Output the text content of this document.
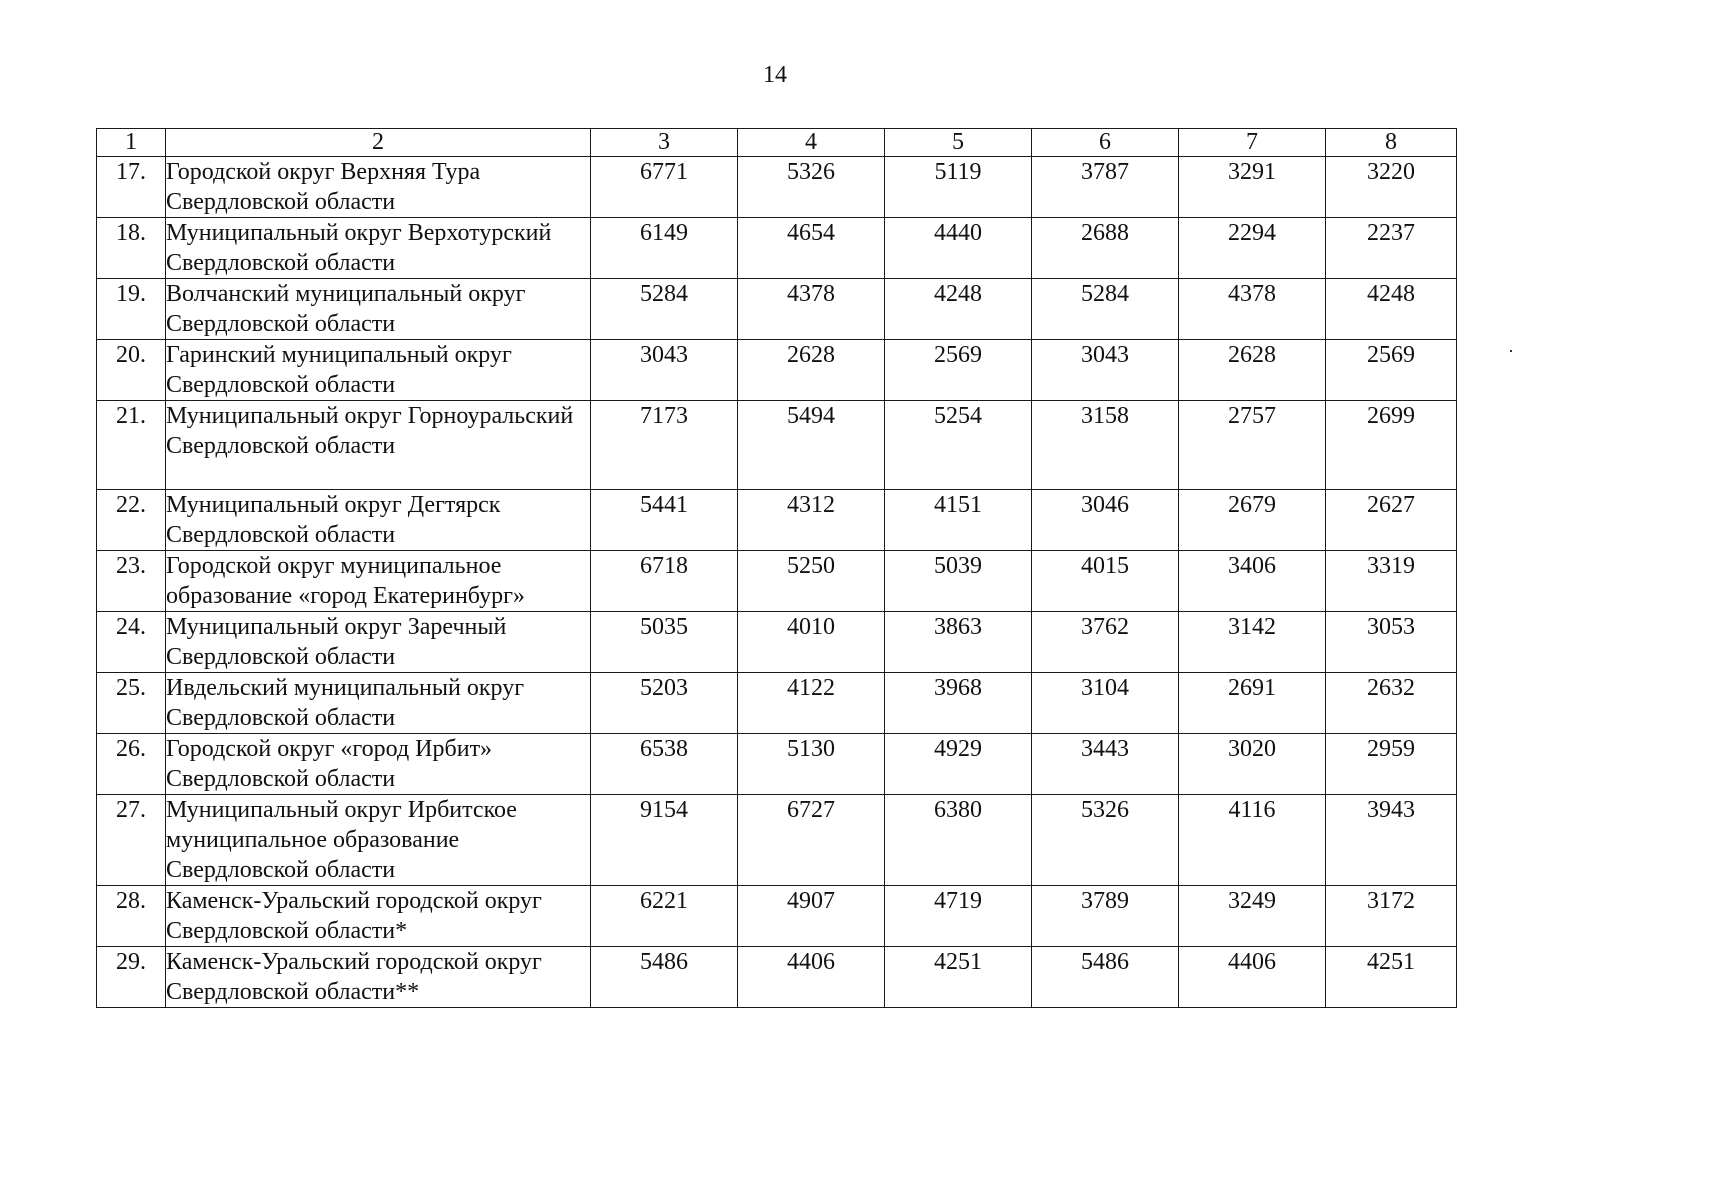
14
1	2	3	4	5	6	7	8
17.	Городской округ Верхняя Тура Свердловской области	6771	5326	5119	3787	3291	3220
18.	Муниципальный округ Верхотурский Свердловской области	6149	4654	4440	2688	2294	2237
19.	Волчанский муниципальный округ Свердловской области	5284	4378	4248	5284	4378	4248
20.	Гаринский муниципальный округ Свердловской области	3043	2628	2569	3043	2628	2569
21.	Муниципальный округ Горноуральский Свердловской области	7173	5494	5254	3158	2757	2699
22.	Муниципальный округ Дегтярск Свердловской области	5441	4312	4151	3046	2679	2627
23.	Городской округ муниципальное образование «город Екатеринбург»	6718	5250	5039	4015	3406	3319
24.	Муниципальный округ Заречный Свердловской области	5035	4010	3863	3762	3142	3053
25.	Ивдельский муниципальный округ Свердловской области	5203	4122	3968	3104	2691	2632
26.	Городской округ «город Ирбит» Свердловской области	6538	5130	4929	3443	3020	2959
27.	Муниципальный округ Ирбитское муниципальное образование Свердловской области	9154	6727	6380	5326	4116	3943
28.	Каменск-Уральский городской округ Свердловской области*	6221	4907	4719	3789	3249	3172
29.	Каменск-Уральский городской округ Свердловской области**	5486	4406	4251	5486	4406	4251
